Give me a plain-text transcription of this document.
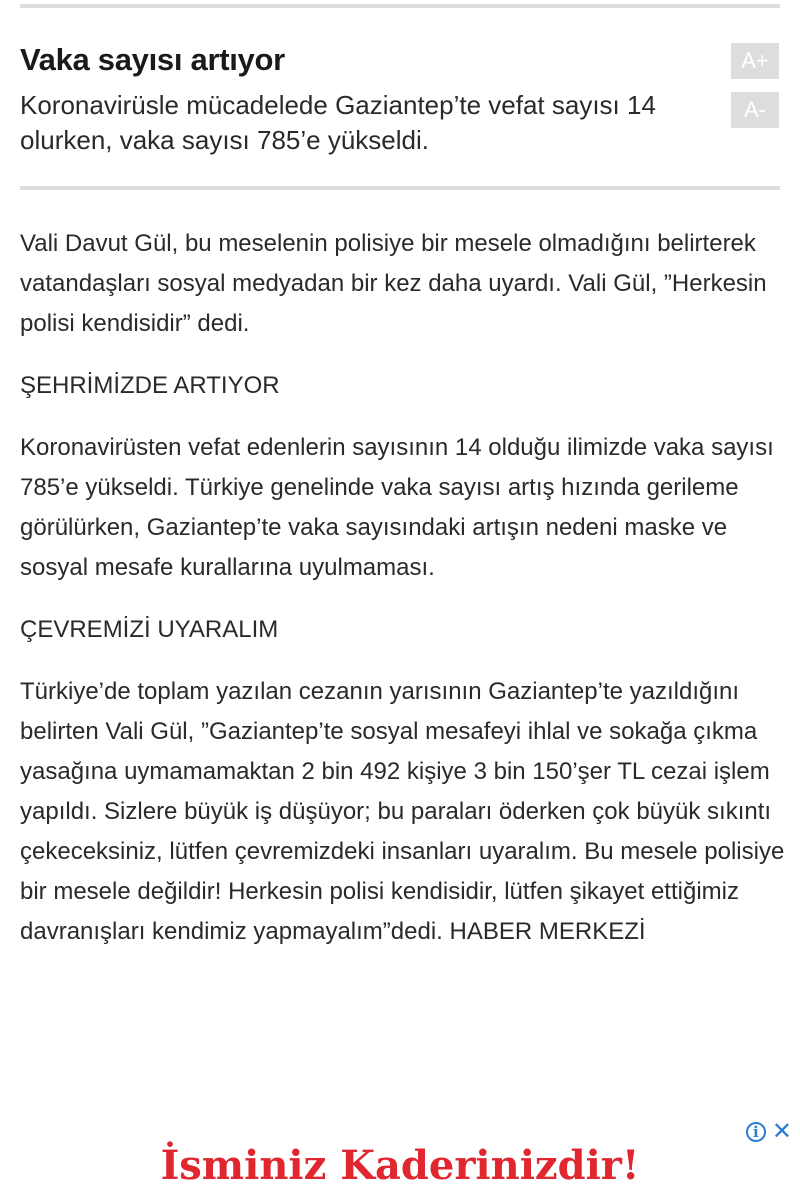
Vaka sayısı artıyor

Koronavirüsle mücadelede Gaziantep’te vefat sayısı 14 olurken, vaka sayısı 785’e yükseldi.

A+
A-

Vali Davut Gül, bu meselenin polisiye bir mesele olmadığını belirterek vatandaşları sosyal medyadan bir kez daha uyardı. Vali Gül, ”Herkesin polisi kendisidir” dedi.

ŞEHRİMİZDE ARTIYOR

Koronavirüsten vefat edenlerin sayısının 14 olduğu ilimizde vaka sayısı 785’e yükseldi. Türkiye genelinde vaka sayısı artış hızında gerileme görülürken, Gaziantep’te vaka sayısındaki artışın nedeni maske ve sosyal mesafe kurallarına uyulmaması.

ÇEVREMİZİ UYARALIM

Türkiye’de toplam yazılan cezanın yarısının Gaziantep’te yazıldığını belirten Vali Gül, ”Gaziantep’te sosyal mesafeyi ihlal ve sokağa çıkma yasağına uymamamaktan 2 bin 492 kişiye 3 bin 150’şer TL cezai işlem yapıldı. Sizlere büyük iş düşüyor; bu paraları öderken çok büyük sıkıntı çekeceksiniz, lütfen çevremizdeki insanları uyaralım. Bu mesele polisiye bir mesele değildir! Herkesin polisi kendisidir, lütfen şikayet ettiğimiz davranışları kendimiz yapmayalım”dedi. HABER MERKEZİ

i ✕
İsminiz Kaderinizdir!
